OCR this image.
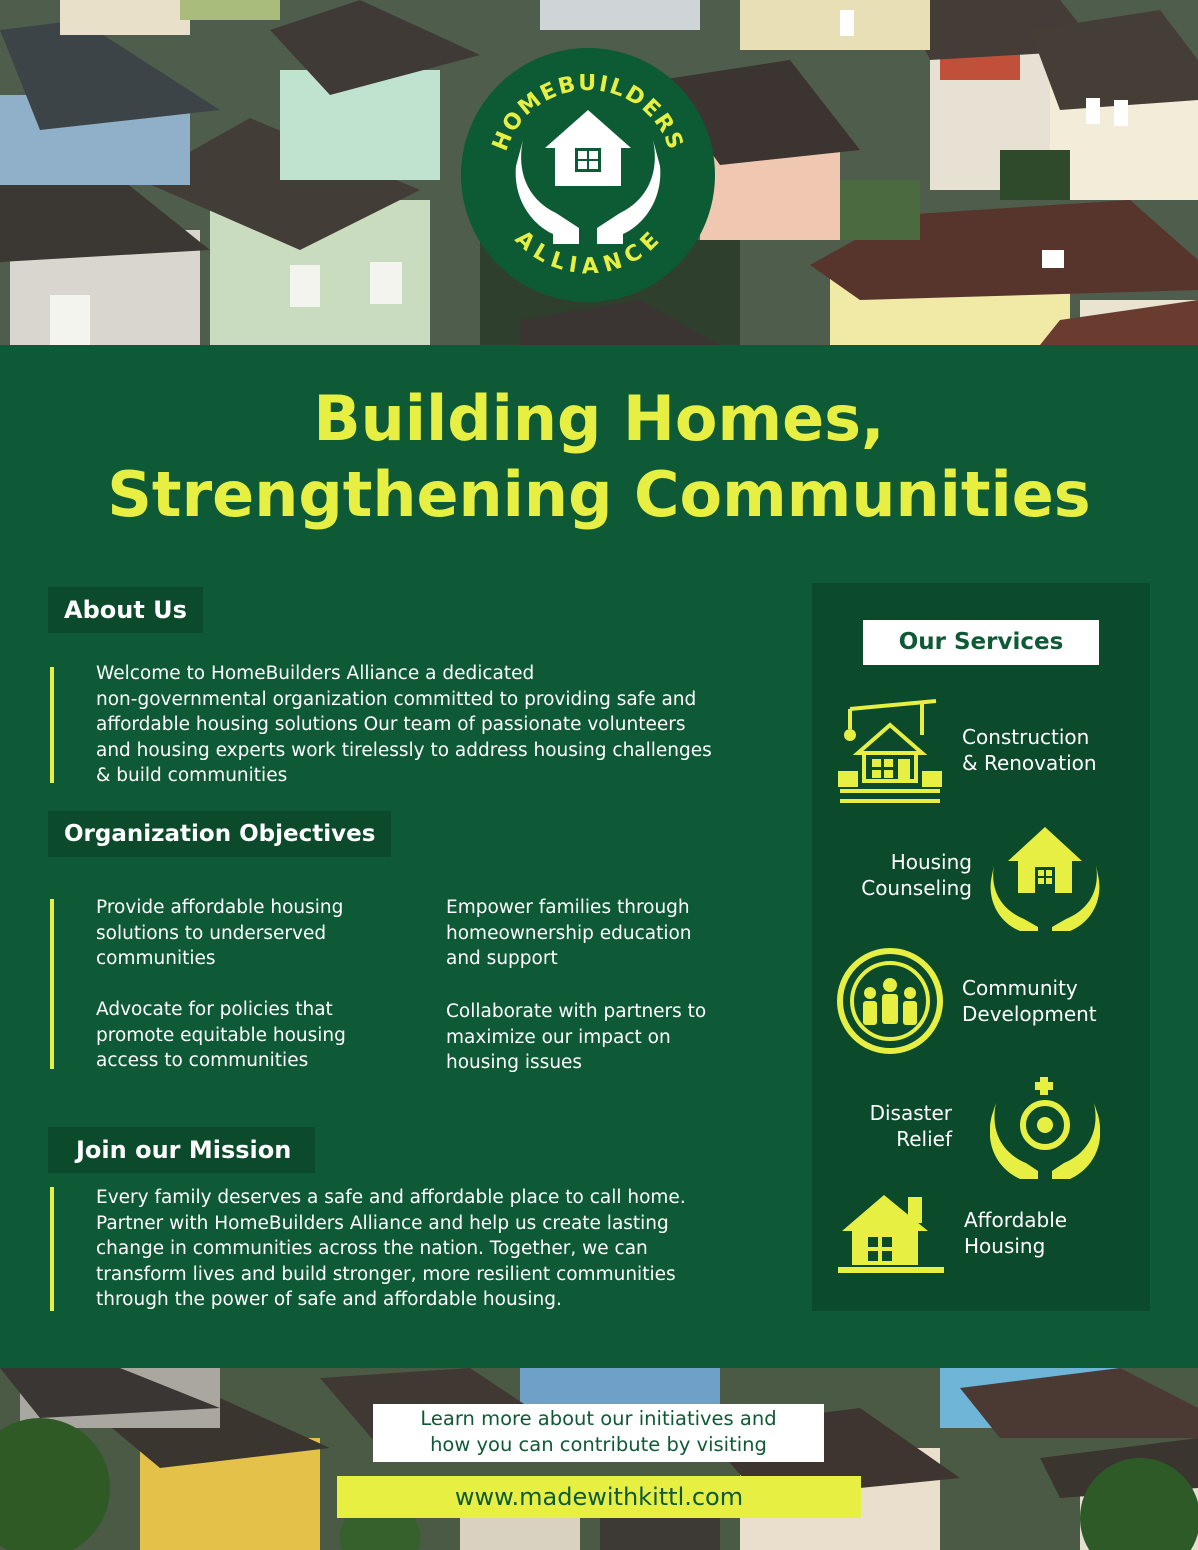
HOMEBUILDERS
ALLIANCE
Building Homes,
Strengthening Communities
About Us
Welcome to HomeBuilders Alliance a dedicated
non-governmental organization committed to providing safe and
affordable housing solutions Our team of passionate volunteers
and housing experts work tirelessly to address housing challenges
& build communities
Organization Objectives
Provide affordable housing
solutions to underserved
communities
Empower families through
homeownership education
and support
Advocate for policies that
promote equitable housing
access to communities
Collaborate with partners to
maximize our impact on
housing issues
Join our Mission
Every family deserves a safe and affordable place to call home.
Partner with HomeBuilders Alliance and help us create lasting
change in communities across the nation. Together, we can
transform lives and build stronger, more resilient communities
through the power of safe and affordable housing.
Our Services
Construction
& Renovation
Housing
Counseling
Community
Development
Disaster
Relief
Affordable
Housing
Learn more about our initiatives and
how you can contribute by visiting
www.madewithkittl.com
